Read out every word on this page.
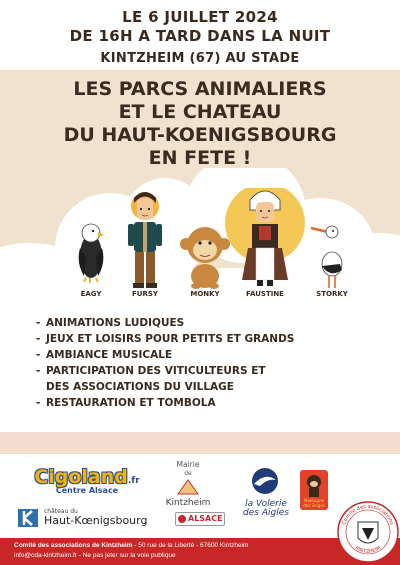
LE 6 JUILLET 2024
DE 16H A TARD DANS LA NUIT
KINTZHEIM (67) AU STADE
LES PARCS ANIMALIERS
ET LE CHATEAU
DU HAUT-KOENIGSBOURG
EN FETE !
EAGY	FURSY	MONKY	FAUSTINE	STORKY
- ANIMATIONS LUDIQUES
- JEUX ET LOISIRS POUR PETITS ET GRANDS
- AMBIANCE MUSICALE
- PARTICIPATION DES VITICULTEURS ET
DES ASSOCIATIONS DU VILLAGE
- RESTAURATION ET TOMBOLA
Cigoland.fr
Centre Alsace
Mairie
de
Kintzheim	la Volerie
des Aigles
Montagne des Singes
château du
Haut-Kœnigsbourg	ALSACE
Comité des associations de Kintzheim - 50 rue de la Liberté - 67600 Kintzheim
info@cda-kintzheim.fr - Ne pas jeter sur la voie publique
Comité des associations
KINTZHEIM
